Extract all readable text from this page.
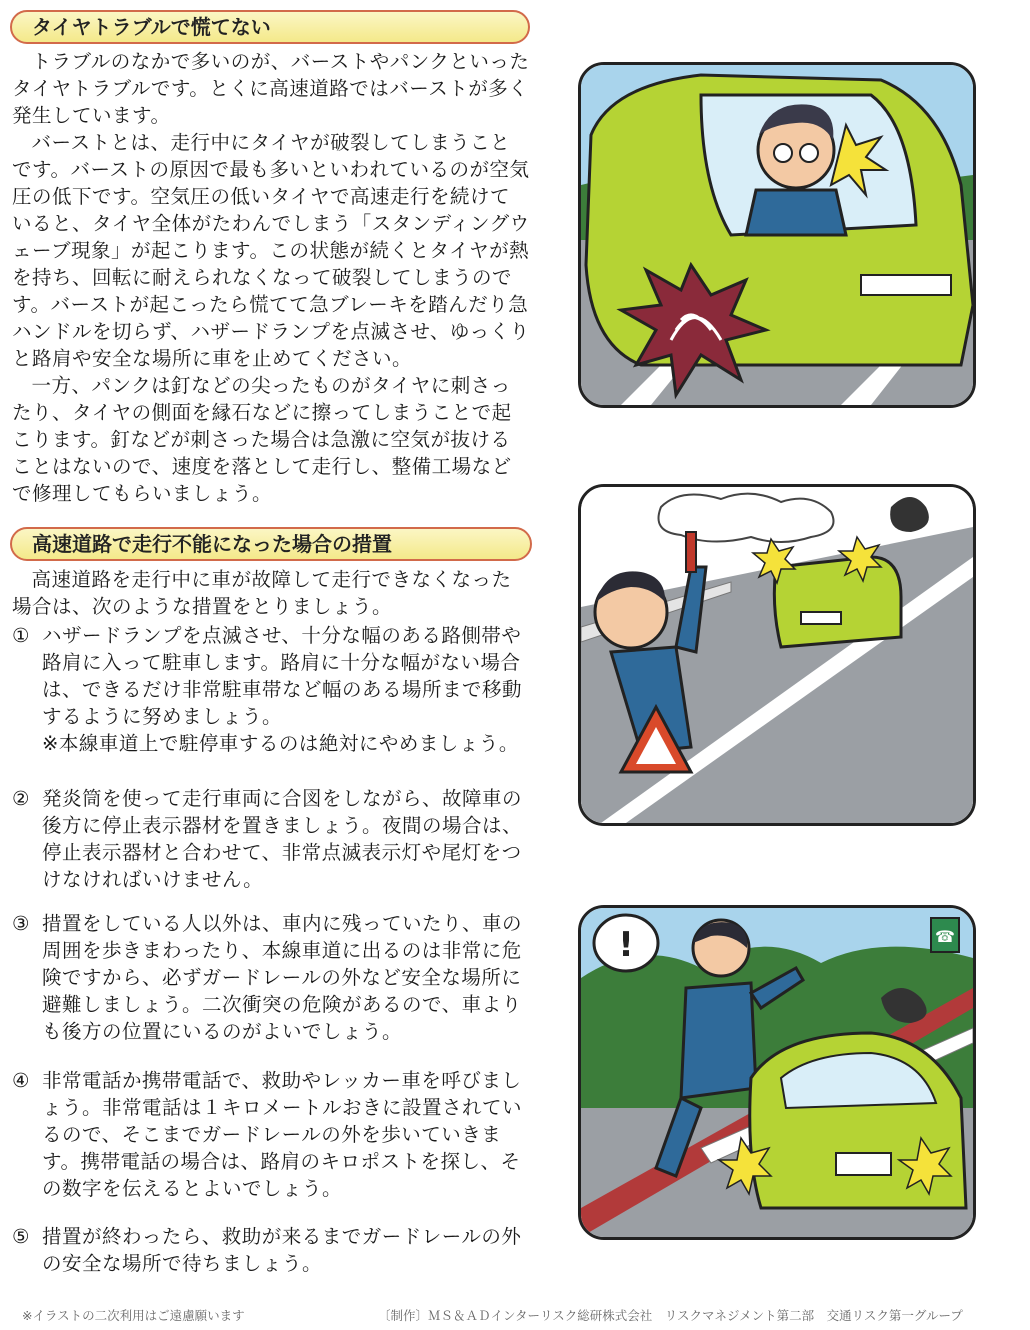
タイヤトラブルで慌てない

トラブルのなかで多いのが、バーストやパンクといったタイヤトラブルです。とくに高速道路ではバーストが多く発生しています。

バーストとは、走行中にタイヤが破裂してしまうことです。バーストの原因で最も多いといわれているのが空気圧の低下です。空気圧の低いタイヤで高速走行を続けていると、タイヤ全体がたわんでしまう「スタンディングウェーブ現象」が起こります。この状態が続くとタイヤが熱を持ち、回転に耐えられなくなって破裂してしまうのです。バーストが起こったら慌てて急ブレーキを踏んだり急ハンドルを切らず、ハザードランプを点滅させ、ゆっくりと路肩や安全な場所に車を止めてください。

一方、パンクは釘などの尖ったものがタイヤに刺さったり、タイヤの側面を縁石などに擦ってしまうことで起こります。釘などが刺さった場合は急激に空気が抜けることはないので、速度を落として走行し、整備工場などで修理してもらいましょう。

高速道路で走行不能になった場合の措置

高速道路を走行中に車が故障して走行できなくなった場合は、次のような措置をとりましょう。

① ハザードランプを点滅させ、十分な幅のある路側帯や路肩に入って駐車します。路肩に十分な幅がない場合は、できるだけ非常駐車帯など幅のある場所まで移動するように努めましょう。

※本線車道上で駐停車するのは絶対にやめましょう。

② 発炎筒を使って走行車両に合図をしながら、故障車の後方に停止表示器材を置きましょう。夜間の場合は、停止表示器材と合わせて、非常点滅表示灯や尾灯をつけなければいけません。

③ 措置をしている人以外は、車内に残っていたり、車の周囲を歩きまわったり、本線車道に出るのは非常に危険ですから、必ずガードレールの外など安全な場所に避難しましょう。二次衝突の危険があるので、車よりも後方の位置にいるのがよいでしょう。

④ 非常電話か携帯電話で、救助やレッカー車を呼びましょう。非常電話は１キロメートルおきに設置されているので、そこまでガードレールの外を歩いていきます。携帯電話の場合は、路肩のキロポストを探し、その数字を伝えるとよいでしょう。

⑤ 措置が終わったら、救助が来るまでガードレールの外の安全な場所で待ちましょう。

!	☎
※イラストの二次利用はご遠慮願います	〔制作〕ＭＳ＆ＡＤインターリスク総研株式会社　リスクマネジメント第二部　交通リスク第一グループ
